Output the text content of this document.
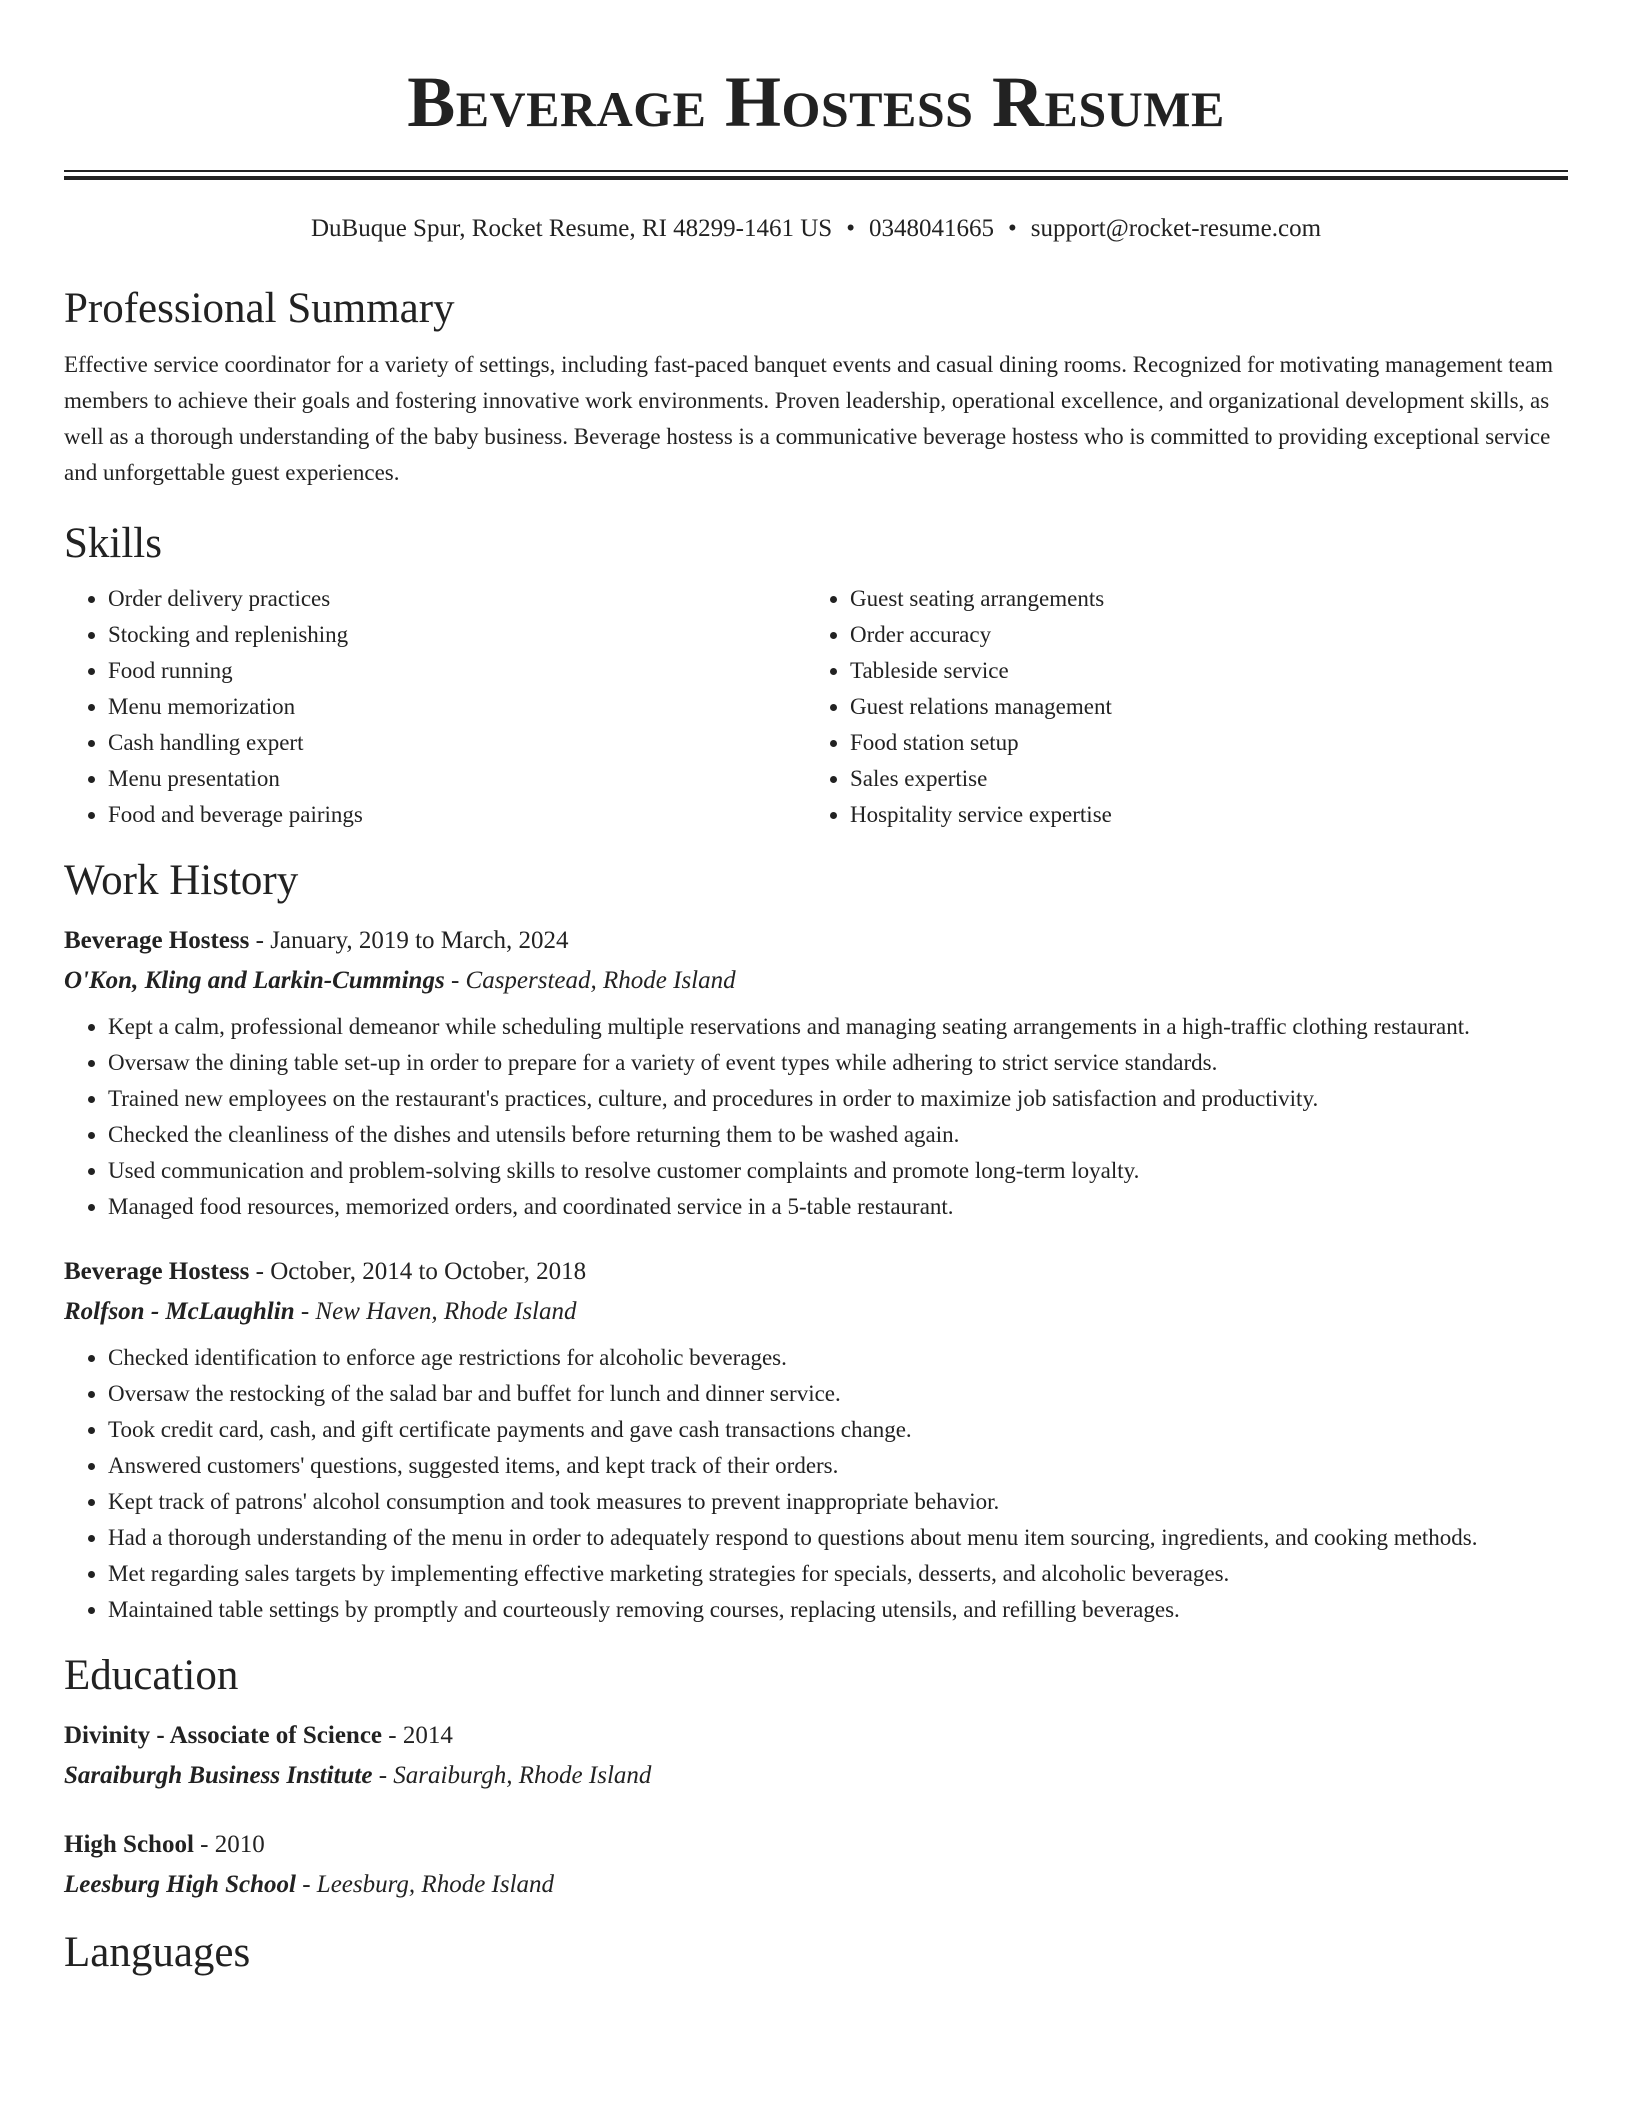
Beverage Hostess Resume
DuBuque Spur, Rocket Resume, RI 48299-1461 US • 0348041665 • support@rocket-resume.com
Professional Summary

Effective service coordinator for a variety of settings, including fast-paced banquet events and casual dining rooms. Recognized for motivating management team members to achieve their goals and fostering innovative work environments. Proven leadership, operational excellence, and organizational development skills, as well as a thorough understanding of the baby business. Beverage hostess is a communicative beverage hostess who is committed to providing exceptional service and unforgettable guest experiences.

Skills
• Order delivery practices
• Stocking and replenishing
• Food running
• Menu memorization
• Cash handling expert
• Menu presentation
• Food and beverage pairings
• Guest seating arrangements
• Order accuracy
• Tableside service
• Guest relations management
• Food station setup
• Sales expertise
• Hospitality service expertise
Work History
Beverage Hostess - January, 2019 to March, 2024
O'Kon, Kling and Larkin-Cummings - Casperstead, Rhode Island
• Kept a calm, professional demeanor while scheduling multiple reservations and managing seating arrangements in a high-traffic clothing restaurant.
• Oversaw the dining table set-up in order to prepare for a variety of event types while adhering to strict service standards.
• Trained new employees on the restaurant's practices, culture, and procedures in order to maximize job satisfaction and productivity.
• Checked the cleanliness of the dishes and utensils before returning them to be washed again.
• Used communication and problem-solving skills to resolve customer complaints and promote long-term loyalty.
• Managed food resources, memorized orders, and coordinated service in a 5-table restaurant.
Beverage Hostess - October, 2014 to October, 2018
Rolfson - McLaughlin - New Haven, Rhode Island
• Checked identification to enforce age restrictions for alcoholic beverages.
• Oversaw the restocking of the salad bar and buffet for lunch and dinner service.
• Took credit card, cash, and gift certificate payments and gave cash transactions change.
• Answered customers' questions, suggested items, and kept track of their orders.
• Kept track of patrons' alcohol consumption and took measures to prevent inappropriate behavior.
• Had a thorough understanding of the menu in order to adequately respond to questions about menu item sourcing, ingredients, and cooking methods.
• Met regarding sales targets by implementing effective marketing strategies for specials, desserts, and alcoholic beverages.
• Maintained table settings by promptly and courteously removing courses, replacing utensils, and refilling beverages.
Education
Divinity - Associate of Science - 2014
Saraiburgh Business Institute - Saraiburgh, Rhode Island
High School - 2010
Leesburg High School - Leesburg, Rhode Island
Languages
